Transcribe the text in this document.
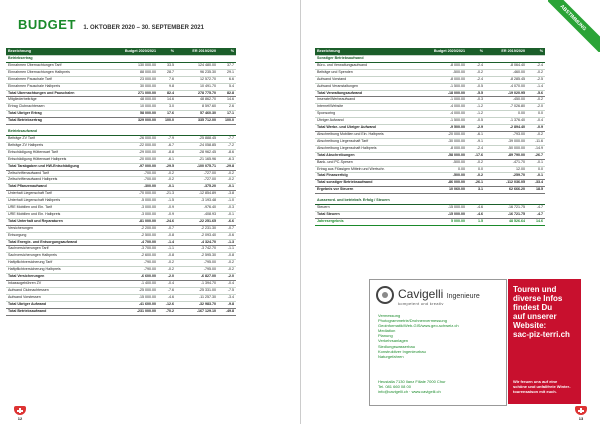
BUDGET 1. OKTOBER 2020 – 30. SEPTEMBER 2021
Bezeichnung	Budget 2020/2021	%	ER 2019/2020	%
Betriebsertrag				
Einnahmen Übernachtungen Tarif	130 000.00	33.5	124 480.00	37.7
Einnahmen Übernachtungen Halbpreis	88 000.00	28.7	96 235.30	29.1
Einnahmen Pauschale Tarif	23 000.00	7.6	12 572.70	6.6
Einnahmen Pauschale Halbpreis	30 000.00	9.8	10 491.70	5.4
Total Übernachtungen und Pauschalen	271 000.00	82.4	278 775.70	82.8
Mitgliederbeiträge	48 000.00	14.6	48 862.70	14.6
Ertrag Clubnachtessen	10 000.00	3.0	8 597.60	2.6
Total Übriger Ertrag	58 000.00	17.6	57 460.30	17.1
Total Betriebsertrag	329 000.00	100.0	335 712.00	100.0

Betriebsaufwand				
Beiträge ZV Tarif	-26 000.00	-7.9	-25 888.45	-7.7
Beiträge ZV Halbpreis	-22 000.00	-6.7	-24 058.85	-7.2
Entschädigung Hüttenwart Tarif	-29 000.00	-8.8	-28 962.45	-8.6
Entschädigung Hüttenwart Halbpreis	-20 000.00	-6.1	-21 165.96	-6.3
Total Tarabgaben und HW-Entschädigung	-97 000.00	-29.5	-100 075.71	-29.8
Zeitschriftenaufwand Tarif	-700.00	-0.2	-727.00	-0.2
Zeitschriftenaufwand Halbpreis	-700.00	-0.2	-727.00	-0.2
Total Pflanzenaufwand	-300.00	-0.1	-375.20	-0.1
Unterhalt Liegenschaft Tarif	-70 000.00	-21.3	-12 854.89	-3.8
Unterhalt Liegenschaft Halbpreis	-5 000.00	-1.5	-3 193.48	-1.0
URE Mobilien und Ein. Tarif	-3 000.00	-0.9	-976.40	-0.3
URE Mobilien und Ein. Halbpreis	-3 000.00	-0.9	-408.93	-0.1
Total Unterhalt und Reparaturen	-81 000.00	-24.6	-22 251.65	-6.6
Versicherungen	-2 200.00	-0.7	-2 231.30	-0.7
Entsorgung	-2 500.00	-0.8	-2 093.40	-0.6
Total Energie- und Entsorgungsaufwand	-4 700.00	-1.4	-4 324.70	-1.3
Sachversicherungen Tarif	-3 700.00	-1.1	-3 742.70	-1.1
Sachversicherungen Halbpreis	-2 600.00	-0.8	-2 595.30	-0.8
Haftpflichtversicherung Tarif	-790.00	-0.2	-795.00	-0.2
Haftpflichtversicherung Halbpreis	-790.00	-0.2	-795.00	-0.2
Total Versicherungen	-6 600.00	-2.0	-6 827.00	-2.0
Inkassogebühren ZV	-1 400.00	-0.4	-1 394.70	-0.4
Aufwand Clubnachtessen	-25 000.00	-7.6	-25 331.00	-7.5
Aufwand Vorstessen	-15 000.00	-4.6	-11 257.30	-3.4
Total Übriger Aufwand	-41 600.00	-12.6	-32 983.70	-9.8
Total Betriebsaufwand	-231 000.00	-70.2	-167 129.10	-49.8
12
ABSTIMMUNG
Bezeichnung	Budget 2020/2021	%	ER 2019/2020	%
Sonstiger Betriebsaufwand				
Büro- und Verwaltungsaufwand	-8 000.00	-2.4	-8 064.40	-2.4
Beiträge und Spenden	-500.00	-0.2	-460.00	-0.2
Aufwand Vorstand	-8 000.00	-2.4	-8 285.45	-2.5
Aufwand Veranstaltungen	-1 500.00	-0.5	-4 070.00	-1.4
Total Verwaltungsaufwand	-18 000.00	-5.5	-19 020.95	-5.6
Inserate/Werbeaufwand	-1 000.00	-0.3	-450.00	-0.2
Internet/Website	-4 000.00	-1.2	-7 026.80	-2.0
Sponsoring	-4 000.00	-1.2	0.00	0.0
Übriger Aufwand	-1 500.00	-0.5	-1 376.40	-0.4
Total Werbe- und Übriger Aufwand	-9 500.00	-2.9	-2 894.40	-0.9
Abschreibung Mobilien und Ein. Halbpreis	-20 000.00	-6.1	-793.00	-0.2
Abschreibung Liegenschaft Tarif	-30 000.00	-9.1	-39 000.00	-11.6
Abschreibung Liegenschaft Halbpreis	-8 000.00	-2.4	-50 000.00	-14.9
Total Abschreibungen	-58 000.00	-17.6	-89 790.00	-26.7
Bank- und PC-Spesen	-500.00	-0.2	-471.70	-0.1
Ertrag aus Flüssigen Mitteln und Wertschr.	0.00	0.0	12.00	0.0
Total Finanzerfolg	-500.00	-0.2	-259.70	-0.1
Total sonstiger Betriebsaufwand	-86 000.00	-26.1	-112 036.05	-33.4
Ergebnis vor Steuern	10 060.00	3.1	62 666.20	18.5

Ausserord. und betriebsfr. Erfolg / Steuern				
Steuern	-15 000.00	-4.6	-16 721.75	-4.7
Total Steuern	-15 000.00	-4.6	-16 721.75	-4.7
Jahresergebnis	5 000.00	1.5	48 526.64	14.6
13
Cavigelli Ingenieure
kompetent und kreativ
Vermessung
Photogrammetrie/Drohnenvermessung
Geoinformatik/Web-GIS/www.geo-schweiz.ch
Mediation
Planung
Verkehrsanlagen
Siedlungswasserbau
Konstruktiver Ingenieurbau
Naturgefahren
Heustalla 7130 Ilanz Filiale 7000 Chur
Tel. 081 660 08 00
info@cavigelli.ch · www.cavigelli.ch
Touren und
diverse Infos
findest Du
auf unserer
Website:
sac-piz-terri.ch
Wir freuen uns auf eine
schöne und unfallfreie Winter-
tourensaison mit euch.
